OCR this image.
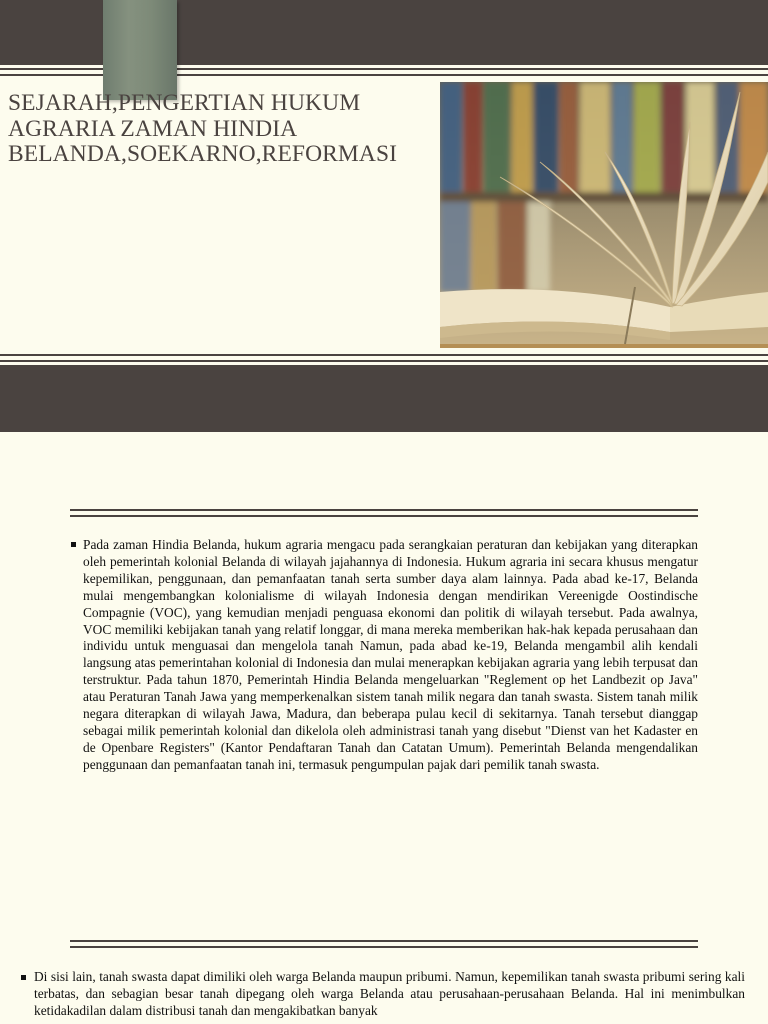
SEJARAH,PENGERTIAN HUKUM
AGRARIA ZAMAN HINDIA
BELANDA,SOEKARNO,REFORMASI

Pada zaman Hindia Belanda, hukum agraria mengacu pada serangkaian peraturan dan kebijakan yang diterapkan oleh pemerintah kolonial Belanda di wilayah jajahannya di Indonesia. Hukum agraria ini secara khusus mengatur kepemilikan, penggunaan, dan pemanfaatan tanah serta sumber daya alam lainnya. Pada abad ke-17, Belanda mulai mengembangkan kolonialisme di wilayah Indonesia dengan mendirikan Vereenigde Oostindische Compagnie (VOC), yang kemudian menjadi penguasa ekonomi dan politik di wilayah tersebut. Pada awalnya, VOC memiliki kebijakan tanah yang relatif longgar, di mana mereka memberikan hak-hak kepada perusahaan dan individu untuk menguasai dan mengelola tanah Namun, pada abad ke-19, Belanda mengambil alih kendali langsung atas pemerintahan kolonial di Indonesia dan mulai menerapkan kebijakan agraria yang lebih terpusat dan terstruktur. Pada tahun 1870, Pemerintah Hindia Belanda mengeluarkan "Reglement op het Landbezit op Java" atau Peraturan Tanah Jawa yang memperkenalkan sistem tanah milik negara dan tanah swasta. Sistem tanah milik negara diterapkan di wilayah Jawa, Madura, dan beberapa pulau kecil di sekitarnya. Tanah tersebut dianggap sebagai milik pemerintah kolonial dan dikelola oleh administrasi tanah yang disebut "Dienst van het Kadaster en de Openbare Registers" (Kantor Pendaftaran Tanah dan Catatan Umum). Pemerintah Belanda mengendalikan penggunaan dan pemanfaatan tanah ini, termasuk pengumpulan pajak dari pemilik tanah swasta.

Di sisi lain, tanah swasta dapat dimiliki oleh warga Belanda maupun pribumi. Namun, kepemilikan tanah swasta pribumi sering kali terbatas, dan sebagian besar tanah dipegang oleh warga Belanda atau perusahaan-perusahaan Belanda. Hal ini menimbulkan ketidakadilan dalam distribusi tanah dan mengakibatkan banyak
